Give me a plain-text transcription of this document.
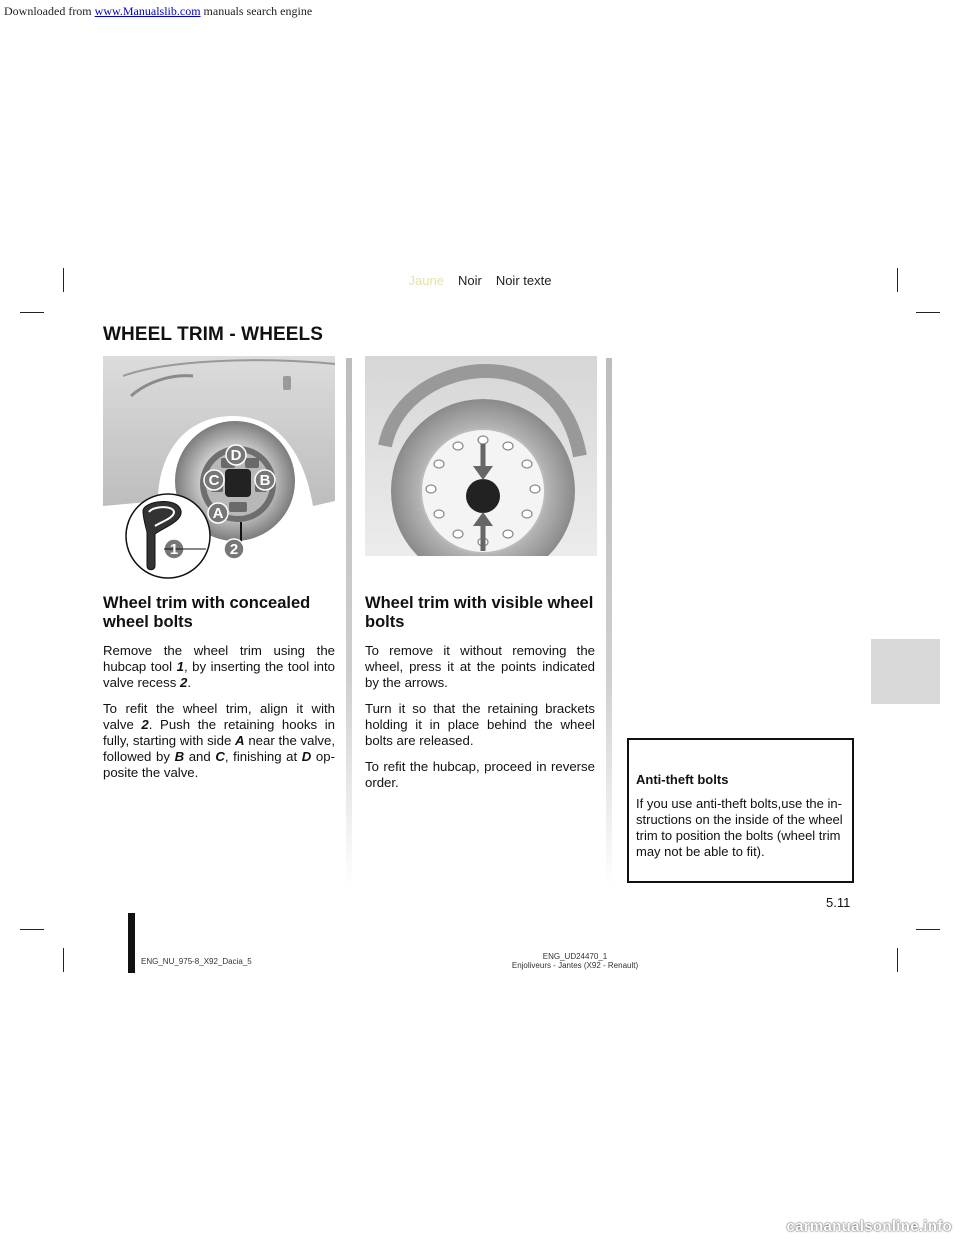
Downloaded from www.Manualslib.com manuals search engine
Jaune Noir Noir texte
WHEEL TRIM - WHEELS
D
C	B
A
1	2
Wheel trim with concealed wheel bolts

Remove the wheel trim using the hubcap tool 1, by inserting the tool into valve recess 2.

To refit the wheel trim, align it with valve 2. Push the retaining hooks in fully, starting with side A near the valve, followed by B and C, finishing at D op-posite the valve.

Wheel trim with visible wheel bolts

To remove it without removing the wheel, press it at the points indicated by the arrows.

Turn it so that the retaining brackets holding it in place behind the wheel bolts are released.

To refit the hubcap, proceed in reverse order.	Anti-theft bolts
If you use anti-theft bolts,use the in-structions on the inside of the wheel trim to position the bolts (wheel trim may not be able to fit).
5.11
ENG_NU_975-8_X92_Dacia_5
ENG_UD24470_1
Enjoliveurs - Jantes (X92 - Renault)
carmanualsonline.info
